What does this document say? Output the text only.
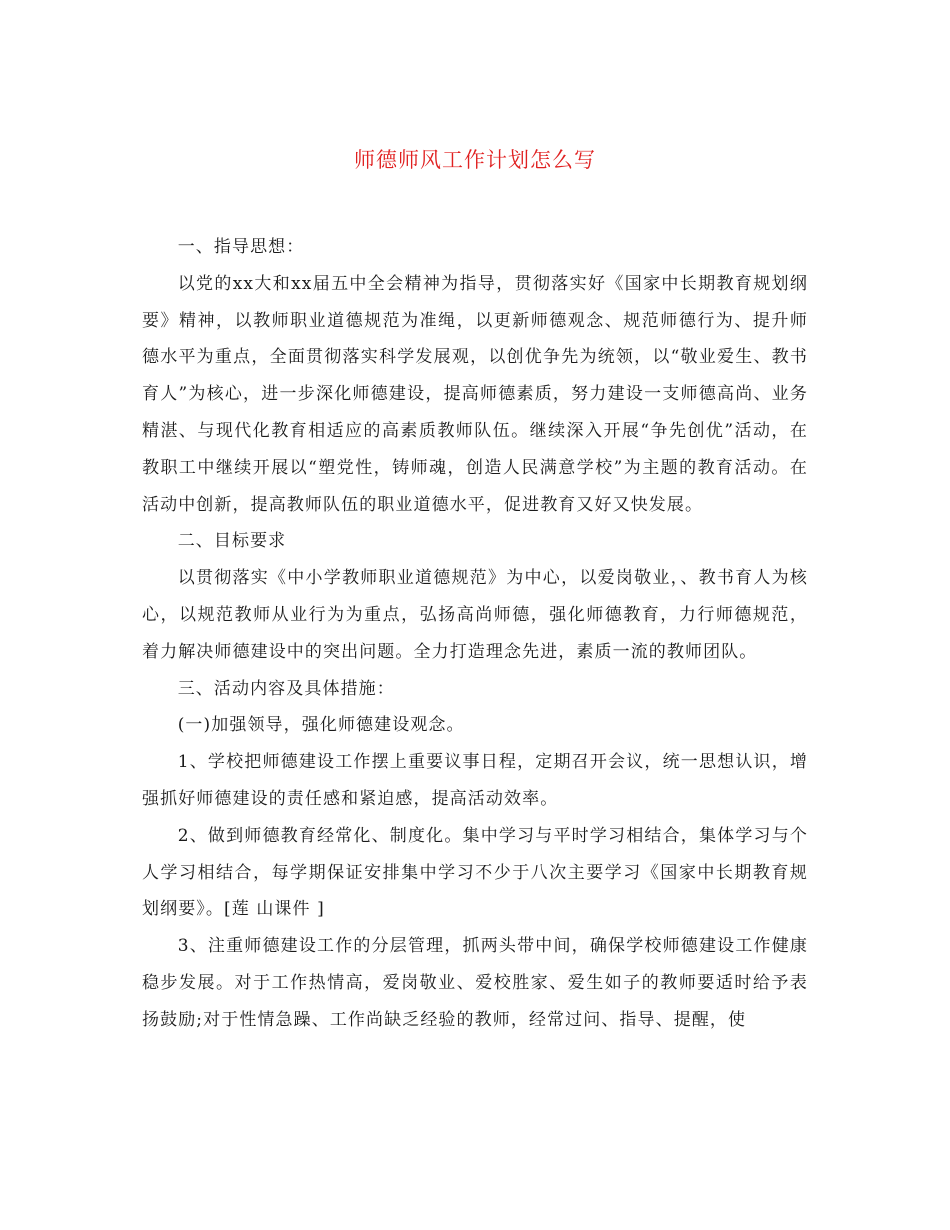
师德师风工作计划怎么写

一、指导思想：

以党的xx大和xx届五中全会精神为指导，贯彻落实好《国家中长期教育规划纲要》精神，以教师职业道德规范为准绳，以更新师德观念、规范师德行为、提升师德水平为重点，全面贯彻落实科学发展观，以创优争先为统领，以“敬业爱生、教书育人”为核心，进一步深化师德建设，提高师德素质，努力建设一支师德高尚、业务精湛、与现代化教育相适应的高素质教师队伍。继续深入开展“争先创优”活动，在教职工中继续开展以“塑党性，铸师魂，创造人民满意学校”为主题的教育活动。在活动中创新，提高教师队伍的职业道德水平，促进教育又好又快发展。

二、目标要求

以贯彻落实《中小学教师职业道德规范》为中心，以爱岗敬业，、教书育人为核心，以规范教师从业行为为重点，弘扬高尚师德，强化师德教育，力行师德规范，着力解决师德建设中的突出问题。全力打造理念先进，素质一流的教师团队。

三、活动内容及具体措施：

(一)加强领导，强化师德建设观念。

1、学校把师德建设工作摆上重要议事日程，定期召开会议，统一思想认识，增强抓好师德建设的责任感和紧迫感，提高活动效率。

2、做到师德教育经常化、制度化。集中学习与平时学习相结合，集体学习与个人学习相结合，每学期保证安排集中学习不少于八次主要学习《国家中长期教育规划纲要》。[莲 山课件 ]

3、注重师德建设工作的分层管理，抓两头带中间，确保学校师德建设工作健康稳步发展。对于工作热情高，爱岗敬业、爱校胜家、爱生如子的教师要适时给予表扬鼓励;对于性情急躁、工作尚缺乏经验的教师，经常过问、指导、提醒，使
